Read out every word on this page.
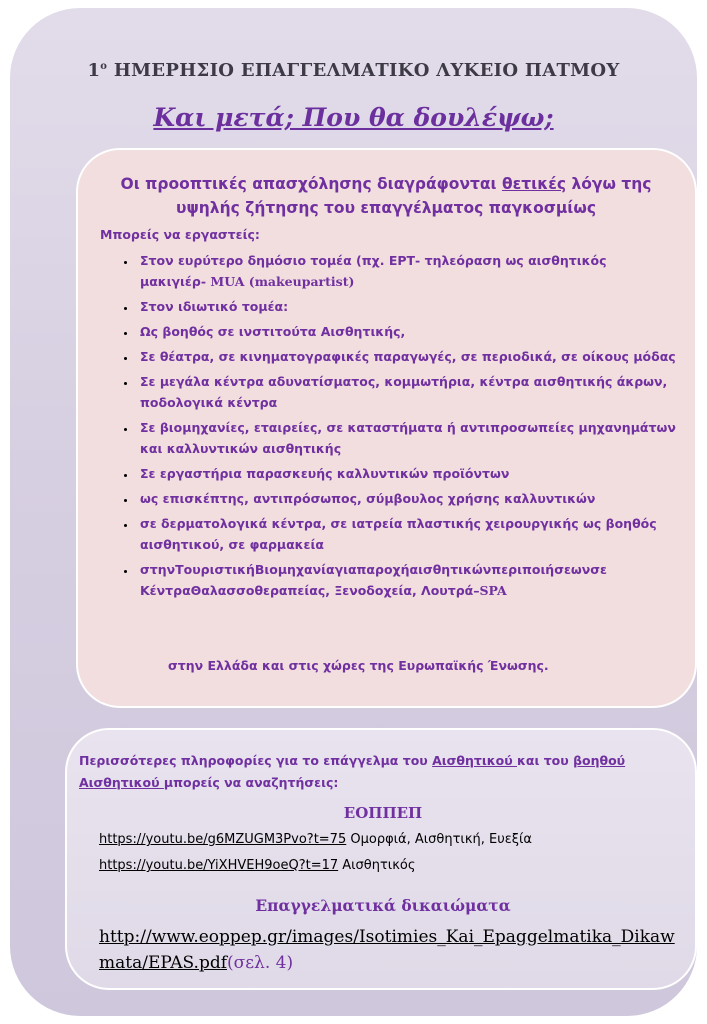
$1^o$ ΗΜΕΡΗΣΙΟ ΕΠΑΓΓΕΛΜΑΤΙΚΟ ΛΥΚΕΙΟ ΠΑΤΜΟΥ
Και μετά; Που θα δουλέψω;
Οι προοπτικές απασχόλησης διαγράφονται θετικές λόγω της υψηλής ζήτησης του επαγγέλματος παγκοσμίως
Μπορείς να εργαστείς:
• Στον ευρύτερο δημόσιο τομέα (πχ. ΕΡΤ- τηλεόραση ως αισθητικός μακιγιέρ- MUA (makeupartist)
• Στον ιδιωτικό τομέα:
• Ως βοηθός σε ινστιτούτα Αισθητικής,
• Σε θέατρα, σε κινηματογραφικές παραγωγές, σε περιοδικά, σε οίκους μόδας
• Σε μεγάλα κέντρα αδυνατίσματος, κομμωτήρια, κέντρα αισθητικής άκρων, ποδολογικά κέντρα
• Σε βιομηχανίες, εταιρείες, σε καταστήματα ή αντιπροσωπείες μηχανημάτων και καλλυντικών αισθητικής
• Σε εργαστήρια παρασκευής καλλυντικών προϊόντων
• ως επισκέπτης, αντιπρόσωπος, σύμβουλος χρήσης καλλυντικών
• σε δερματολογικά κέντρα, σε ιατρεία πλαστικής χειρουργικής ως βοηθός αισθητικού, σε φαρμακεία
• στηνΤουριστικήΒιομηχανίαγιαπαροχήαισθητικώνπεριποιήσεωνσε ΚέντραΘαλασσοθεραπείας, Ξενοδοχεία, Λουτρά–SPA
στην Ελλάδα και στις χώρες της Ευρωπαϊκής Ένωσης.
Περισσότερες πληροφορίες για το επάγγελμα του Αισθητικού και του βοηθού Αισθητικού μπορείς να αναζητήσεις:
ΕΟΠΠΕΠ
https://youtu.be/g6MZUGM3Pvo?t=75 Ομορφιά, Αισθητική, Ευεξία
https://youtu.be/YiXHVEH9oeQ?t=17 Αισθητικός
Επαγγελματικά δικαιώματα
http://www.eoppep.gr/images/Isotimies_Kai_Epaggelmatika_Dikawmata/EPAS.pdf(σελ. 4)
